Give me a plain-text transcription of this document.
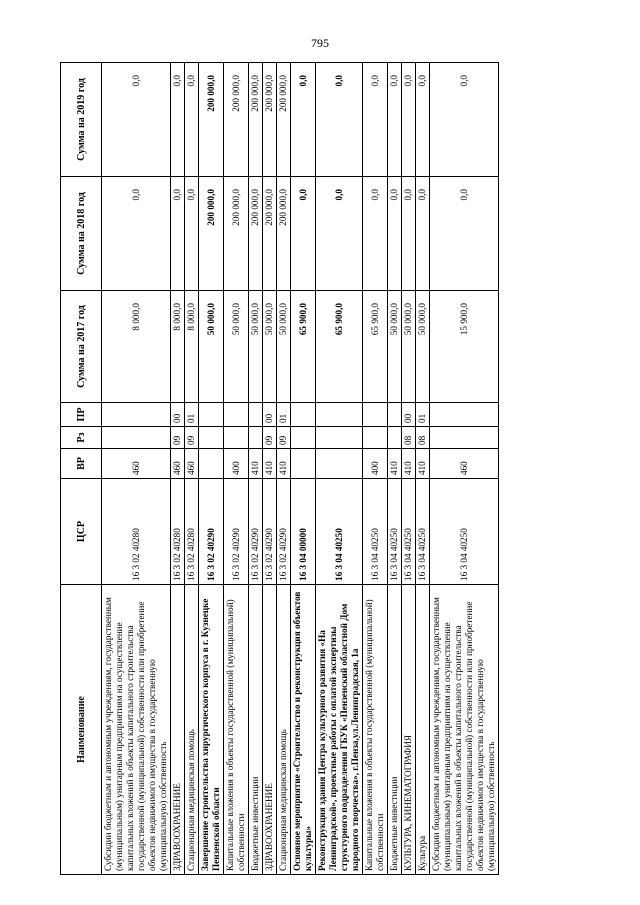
795
Наименование	ЦСР	ВР	Рз	ПР	Сумма на 2017 год	Сумма на 2018 год	Сумма на 2019 год
Субсидии бюджетным и автономным учреждениям, государственным (муниципальным) унитарным предприятиям на осуществление капитальных вложений в объекты капитального строительства государственной (муниципальной) собственности или приобретение объектов недвижимого имущества в государственную (муниципальную) собственность	16 3 02 40280	460			8 000,0	0,0	0,0
ЗДРАВООХРАНЕНИЕ	16 3 02 40280	460	09	00	8 000,0	0,0	0,0
Стационарная медицинская помощь	16 3 02 40280	460	09	01	8 000,0	0,0	0,0
Завершение строительства хирургического корпуса в г. Кузнецке Пензенской области	16 3 02 40290				50 000,0	200 000,0	200 000,0
Капитальные вложения в объекты государственной (муниципальной) собственности	16 3 02 40290	400			50 000,0	200 000,0	200 000,0
Бюджетные инвестиции	16 3 02 40290	410			50 000,0	200 000,0	200 000,0
ЗДРАВООХРАНЕНИЕ	16 3 02 40290	410	09	00	50 000,0	200 000,0	200 000,0
Стационарная медицинская помощь	16 3 02 40290	410	09	01	50 000,0	200 000,0	200 000,0
Основное мероприятие «Строительство и реконструкция объектов культуры»	16 3 04 00000				65 900,0	0,0	0,0
Реконструкция здания Центра культурного развития «На Ленинградской», проектные работы с оплатой экспертизы структурного подразделения ГБУК «Пензенский областной Дом народного творчества», г.Пенза,ул.Ленинградская, 1а	16 3 04 40250				65 900,0	0,0	0,0
Капитальные вложения в объекты государственной (муниципальной) собственности	16 3 04 40250	400			65 900,0	0,0	0,0
Бюджетные инвестиции	16 3 04 40250	410			50 000,0	0,0	0,0
КУЛЬТУРА, КИНЕМАТОГРАФИЯ	16 3 04 40250	410	08	00	50 000,0	0,0	0,0
Культура	16 3 04 40250	410	08	01	50 000,0	0,0	0,0
Субсидии бюджетным и автономным учреждениям, государственным (муниципальным) унитарным предприятиям на осуществление капитальных вложений в объекты капитального строительства государственной (муниципальной) собственности или приобретение объектов недвижимого имущества в государственную (муниципальную) собственность	16 3 04 40250	460			15 900,0	0,0	0,0
